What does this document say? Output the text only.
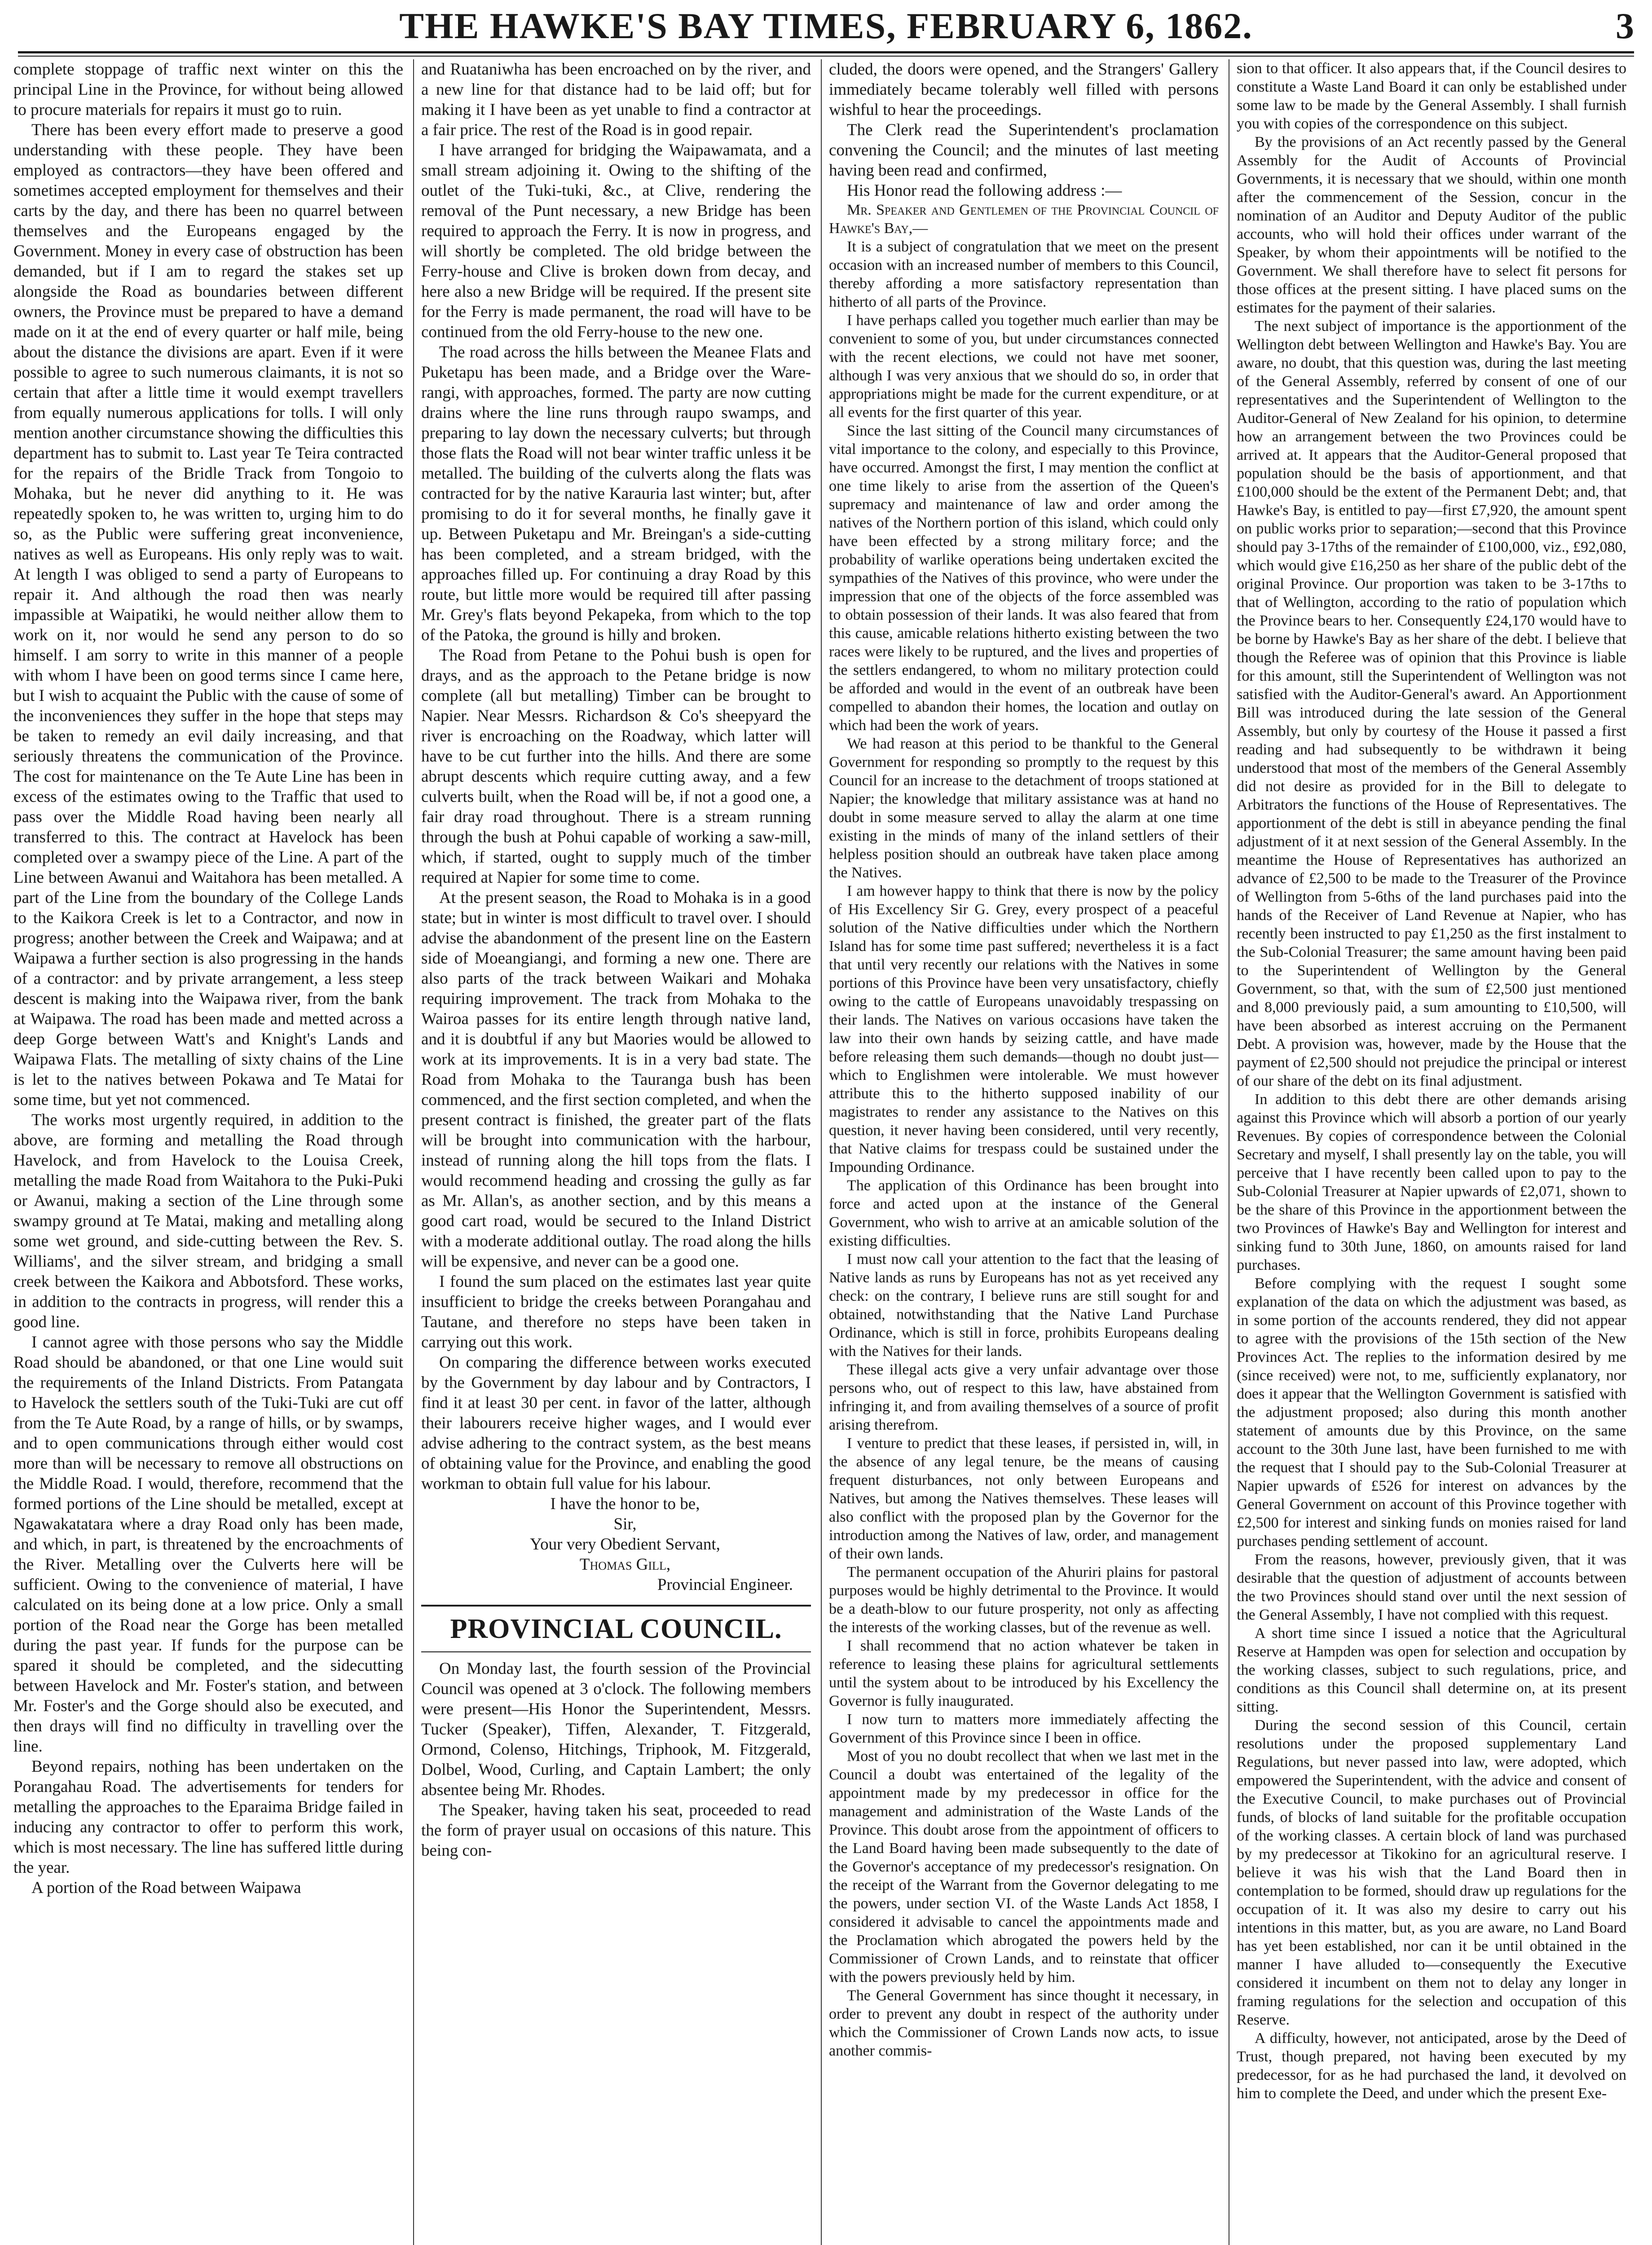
THE HAWKE'S BAY TIMES, FEBRUARY 6, 1862.	3

complete stoppage of traffic next winter on this the principal Line in the Province, for without being allowed to procure materials for repairs it must go to ruin.

There has been every effort made to preserve a good understanding with these people. They have been employed as contractors—they have been offered and sometimes accepted employment for themselves and their carts by the day, and there has been no quarrel between themselves and the Europeans engaged by the Government. Money in every case of obstruction has been demanded, but if I am to regard the stakes set up alongside the Road as boundaries between different owners, the Province must be prepared to have a demand made on it at the end of every quarter or half mile, being about the distance the divisions are apart. Even if it were possible to agree to such numerous claimants, it is not so certain that after a little time it would exempt travellers from equally numerous applications for tolls. I will only mention another circumstance showing the difficulties this department has to submit to. Last year Te Teira contracted for the repairs of the Bridle Track from Tongoio to Mohaka, but he never did anything to it. He was repeatedly spoken to, he was written to, urging him to do so, as the Public were suffering great inconvenience, natives as well as Europeans. His only reply was to wait. At length I was obliged to send a party of Europeans to repair it. And although the road then was nearly impassible at Waipatiki, he would neither allow them to work on it, nor would he send any person to do so himself. I am sorry to write in this manner of a people with whom I have been on good terms since I came here, but I wish to acquaint the Public with the cause of some of the inconveniences they suffer in the hope that steps may be taken to remedy an evil daily increasing, and that seriously threatens the communication of the Province. The cost for maintenance on the Te Aute Line has been in excess of the estimates owing to the Traffic that used to pass over the Middle Road having been nearly all transferred to this. The contract at Havelock has been completed over a swampy piece of the Line. A part of the Line between Awanui and Waitahora has been metalled. A part of the Line from the boundary of the College Lands to the Kaikora Creek is let to a Contractor, and now in progress; another between the Creek and Waipawa; and at Waipawa a further section is also progressing in the hands of a contractor: and by private arrangement, a less steep descent is making into the Waipawa river, from the bank at Waipawa. The road has been made and metted across a deep Gorge between Watt's and Knight's Lands and Waipawa Flats. The metalling of sixty chains of the Line is let to the natives between Pokawa and Te Matai for some time, but yet not commenced.

The works most urgently required, in addition to the above, are forming and metalling the Road through Havelock, and from Havelock to the Louisa Creek, metalling the made Road from Waitahora to the Puki-Puki or Awanui, making a section of the Line through some swampy ground at Te Matai, making and metalling along some wet ground, and side-cutting between the Rev. S. Williams', and the silver stream, and bridging a small creek between the Kaikora and Abbotsford. These works, in addition to the contracts in progress, will render this a good line.

I cannot agree with those persons who say the Middle Road should be abandoned, or that one Line would suit the requirements of the Inland Districts. From Patangata to Havelock the settlers south of the Tuki-Tuki are cut off from the Te Aute Road, by a range of hills, or by swamps, and to open communications through either would cost more than will be necessary to remove all obstructions on the Middle Road. I would, therefore, recommend that the formed portions of the Line should be metalled, except at Ngawakatatara where a dray Road only has been made, and which, in part, is threatened by the encroachments of the River. Metalling over the Culverts here will be sufficient. Owing to the convenience of material, I have calculated on its being done at a low price. Only a small portion of the Road near the Gorge has been metalled during the past year. If funds for the purpose can be spared it should be completed, and the sidecutting between Havelock and Mr. Foster's station, and between Mr. Foster's and the Gorge should also be executed, and then drays will find no difficulty in travelling over the line.

Beyond repairs, nothing has been undertaken on the Porangahau Road. The advertisements for tenders for metalling the approaches to the Eparaima Bridge failed in inducing any contractor to offer to perform this work, which is most necessary. The line has suffered little during the year.

A portion of the Road between Waipawa

and Ruataniwha has been encroached on by the river, and a new line for that distance had to be laid off; but for making it I have been as yet unable to find a contractor at a fair price. The rest of the Road is in good repair.

I have arranged for bridging the Waipawamata, and a small stream adjoining it. Owing to the shifting of the outlet of the Tuki-tuki, &c., at Clive, rendering the removal of the Punt necessary, a new Bridge has been required to approach the Ferry. It is now in progress, and will shortly be completed. The old bridge between the Ferry-house and Clive is broken down from decay, and here also a new Bridge will be required. If the present site for the Ferry is made permanent, the road will have to be continued from the old Ferry-house to the new one.

The road across the hills between the Meanee Flats and Puketapu has been made, and a Bridge over the Ware-rangi, with approaches, formed. The party are now cutting drains where the line runs through raupo swamps, and preparing to lay down the necessary culverts; but through those flats the Road will not bear winter traffic unless it be metalled. The building of the culverts along the flats was contracted for by the native Karauria last winter; but, after promising to do it for several months, he finally gave it up. Between Puketapu and Mr. Breingan's a side-cutting has been completed, and a stream bridged, with the approaches filled up. For continuing a dray Road by this route, but little more would be required till after passing Mr. Grey's flats beyond Pekapeka, from which to the top of the Patoka, the ground is hilly and broken.

The Road from Petane to the Pohui bush is open for drays, and as the approach to the Petane bridge is now complete (all but metalling) Timber can be brought to Napier. Near Messrs. Richardson & Co's sheepyard the river is encroaching on the Roadway, which latter will have to be cut further into the hills. And there are some abrupt descents which require cutting away, and a few culverts built, when the Road will be, if not a good one, a fair dray road throughout. There is a stream running through the bush at Pohui capable of working a saw-mill, which, if started, ought to supply much of the timber required at Napier for some time to come.

At the present season, the Road to Mohaka is in a good state; but in winter is most difficult to travel over. I should advise the abandonment of the present line on the Eastern side of Moeangiangi, and forming a new one. There are also parts of the track between Waikari and Mohaka requiring improvement. The track from Mohaka to the Wairoa passes for its entire length through native land, and it is doubtful if any but Maories would be allowed to work at its improvements. It is in a very bad state. The Road from Mohaka to the Tauranga bush has been commenced, and the first section completed, and when the present contract is finished, the greater part of the flats will be brought into communication with the harbour, instead of running along the hill tops from the flats. I would recommend heading and crossing the gully as far as Mr. Allan's, as another section, and by this means a good cart road, would be secured to the Inland District with a moderate additional outlay. The road along the hills will be expensive, and never can be a good one.

I found the sum placed on the estimates last year quite insufficient to bridge the creeks between Porangahau and Tautane, and therefore no steps have been taken in carrying out this work.

On comparing the difference between works executed by the Government by day labour and by Contractors, I find it at least 30 per cent. in favor of the latter, although their labourers receive higher wages, and I would ever advise adhering to the contract system, as the best means of obtaining value for the Province, and enabling the good workman to obtain full value for his labour.

I have the honor to be,

Sir,

Your very Obedient Servant,

Thomas Gill,

Provincial Engineer.

PROVINCIAL COUNCIL.

On Monday last, the fourth session of the Provincial Council was opened at 3 o'clock. The following members were present—His Honor the Superintendent, Messrs. Tucker (Speaker), Tiffen, Alexander, T. Fitzgerald, Ormond, Colenso, Hitchings, Triphook, M. Fitzgerald, Dolbel, Wood, Curling, and Captain Lambert; the only absentee being Mr. Rhodes.

The Speaker, having taken his seat, proceeded to read the form of prayer usual on occasions of this nature. This being con-

cluded, the doors were opened, and the Strangers' Gallery immediately became tolerably well filled with persons wishful to hear the proceedings.

The Clerk read the Superintendent's proclamation convening the Council; and the minutes of last meeting having been read and confirmed,

His Honor read the following address :—

Mr. Speaker and Gentlemen of the Provincial Council of Hawke's Bay,—

It is a subject of congratulation that we meet on the present occasion with an increased number of members to this Council, thereby affording a more satisfactory representation than hitherto of all parts of the Province.

I have perhaps called you together much earlier than may be convenient to some of you, but under circumstances connected with the recent elections, we could not have met sooner, although I was very anxious that we should do so, in order that appropriations might be made for the current expenditure, or at all events for the first quarter of this year.

Since the last sitting of the Council many circumstances of vital importance to the colony, and especially to this Province, have occurred. Amongst the first, I may mention the conflict at one time likely to arise from the assertion of the Queen's supremacy and maintenance of law and order among the natives of the Northern portion of this island, which could only have been effected by a strong military force; and the probability of warlike operations being undertaken excited the sympathies of the Natives of this province, who were under the impression that one of the objects of the force assembled was to obtain possession of their lands. It was also feared that from this cause, amicable relations hitherto existing between the two races were likely to be ruptured, and the lives and properties of the settlers endangered, to whom no military protection could be afforded and would in the event of an outbreak have been compelled to abandon their homes, the location and outlay on which had been the work of years.

We had reason at this period to be thankful to the General Government for responding so promptly to the request by this Council for an increase to the detachment of troops stationed at Napier; the knowledge that military assistance was at hand no doubt in some measure served to allay the alarm at one time existing in the minds of many of the inland settlers of their helpless position should an outbreak have taken place among the Natives.

I am however happy to think that there is now by the policy of His Excellency Sir G. Grey, every prospect of a peaceful solution of the Native difficulties under which the Northern Island has for some time past suffered; nevertheless it is a fact that until very recently our relations with the Natives in some portions of this Province have been very unsatisfactory, chiefly owing to the cattle of Europeans unavoidably trespassing on their lands. The Natives on various occasions have taken the law into their own hands by seizing cattle, and have made before releasing them such demands—though no doubt just—which to Englishmen were intolerable. We must however attribute this to the hitherto supposed inability of our magistrates to render any assistance to the Natives on this question, it never having been considered, until very recently, that Native claims for trespass could be sustained under the Impounding Ordinance.

The application of this Ordinance has been brought into force and acted upon at the instance of the General Government, who wish to arrive at an amicable solution of the existing difficulties.

I must now call your attention to the fact that the leasing of Native lands as runs by Europeans has not as yet received any check: on the contrary, I believe runs are still sought for and obtained, notwithstanding that the Native Land Purchase Ordinance, which is still in force, prohibits Europeans dealing with the Natives for their lands.

These illegal acts give a very unfair advantage over those persons who, out of respect to this law, have abstained from infringing it, and from availing themselves of a source of profit arising therefrom.

I venture to predict that these leases, if persisted in, will, in the absence of any legal tenure, be the means of causing frequent disturbances, not only between Europeans and Natives, but among the Natives themselves. These leases will also conflict with the proposed plan by the Governor for the introduction among the Natives of law, order, and management of their own lands.

The permanent occupation of the Ahuriri plains for pastoral purposes would be highly detrimental to the Province. It would be a death-blow to our future prosperity, not only as affecting the interests of the working classes, but of the revenue as well.

I shall recommend that no action whatever be taken in reference to leasing these plains for agricultural settlements until the system about to be introduced by his Excellency the Governor is fully inaugurated.

I now turn to matters more immediately affecting the Government of this Province since I been in office.

Most of you no doubt recollect that when we last met in the Council a doubt was entertained of the legality of the appointment made by my predecessor in office for the management and administration of the Waste Lands of the Province. This doubt arose from the appointment of officers to the Land Board having been made subsequently to the date of the Governor's acceptance of my predecessor's resignation. On the receipt of the Warrant from the Governor delegating to me the powers, under section VI. of the Waste Lands Act 1858, I considered it advisable to cancel the appointments made and the Proclamation which abrogated the powers held by the Commissioner of Crown Lands, and to reinstate that officer with the powers previously held by him.

The General Government has since thought it necessary, in order to prevent any doubt in respect of the authority under which the Commissioner of Crown Lands now acts, to issue another commis-

sion to that officer. It also appears that, if the Council desires to constitute a Waste Land Board it can only be established under some law to be made by the General Assembly. I shall furnish you with copies of the correspondence on this subject.

By the provisions of an Act recently passed by the General Assembly for the Audit of Accounts of Provincial Governments, it is necessary that we should, within one month after the commencement of the Session, concur in the nomination of an Auditor and Deputy Auditor of the public accounts, who will hold their offices under warrant of the Speaker, by whom their appointments will be notified to the Government. We shall therefore have to select fit persons for those offices at the present sitting. I have placed sums on the estimates for the payment of their salaries.

The next subject of importance is the apportionment of the Wellington debt between Wellington and Hawke's Bay. You are aware, no doubt, that this question was, during the last meeting of the General Assembly, referred by consent of one of our representatives and the Superintendent of Wellington to the Auditor-General of New Zealand for his opinion, to determine how an arrangement between the two Provinces could be arrived at. It appears that the Auditor-General proposed that population should be the basis of apportionment, and that £100,000 should be the extent of the Permanent Debt; and, that Hawke's Bay, is entitled to pay—first £7,920, the amount spent on public works prior to separation;—second that this Province should pay 3-17ths of the remainder of £100,000, viz., £92,080, which would give £16,250 as her share of the public debt of the original Province. Our proportion was taken to be 3-17ths to that of Wellington, according to the ratio of population which the Province bears to her. Consequently £24,170 would have to be borne by Hawke's Bay as her share of the debt. I believe that though the Referee was of opinion that this Province is liable for this amount, still the Superintendent of Wellington was not satisfied with the Auditor-General's award. An Apportionment Bill was introduced during the late session of the General Assembly, but only by courtesy of the House it passed a first reading and had subsequently to be withdrawn it being understood that most of the members of the General Assembly did not desire as provided for in the Bill to delegate to Arbitrators the functions of the House of Representatives. The apportionment of the debt is still in abeyance pending the final adjustment of it at next session of the General Assembly. In the meantime the House of Representatives has authorized an advance of £2,500 to be made to the Treasurer of the Province of Wellington from 5-6ths of the land purchases paid into the hands of the Receiver of Land Revenue at Napier, who has recently been instructed to pay £1,250 as the first instalment to the Sub-Colonial Treasurer; the same amount having been paid to the Superintendent of Wellington by the General Government, so that, with the sum of £2,500 just mentioned and 8,000 previously paid, a sum amounting to £10,500, will have been absorbed as interest accruing on the Permanent Debt. A provision was, however, made by the House that the payment of £2,500 should not prejudice the principal or interest of our share of the debt on its final adjustment.

In addition to this debt there are other demands arising against this Province which will absorb a portion of our yearly Revenues. By copies of correspondence between the Colonial Secretary and myself, I shall presently lay on the table, you will perceive that I have recently been called upon to pay to the Sub-Colonial Treasurer at Napier upwards of £2,071, shown to be the share of this Province in the apportionment between the two Provinces of Hawke's Bay and Wellington for interest and sinking fund to 30th June, 1860, on amounts raised for land purchases.

Before complying with the request I sought some explanation of the data on which the adjustment was based, as in some portion of the accounts rendered, they did not appear to agree with the provisions of the 15th section of the New Provinces Act. The replies to the information desired by me (since received) were not, to me, sufficiently explanatory, nor does it appear that the Wellington Government is satisfied with the adjustment proposed; also during this month another statement of amounts due by this Province, on the same account to the 30th June last, have been furnished to me with the request that I should pay to the Sub-Colonial Treasurer at Napier upwards of £526 for interest on advances by the General Government on account of this Province together with £2,500 for interest and sinking funds on monies raised for land purchases pending settlement of account.

From the reasons, however, previously given, that it was desirable that the question of adjustment of accounts between the two Provinces should stand over until the next session of the General Assembly, I have not complied with this request.

A short time since I issued a notice that the Agricultural Reserve at Hampden was open for selection and occupation by the working classes, subject to such regulations, price, and conditions as this Council shall determine on, at its present sitting.

During the second session of this Council, certain resolutions under the proposed supplementary Land Regulations, but never passed into law, were adopted, which empowered the Superintendent, with the advice and consent of the Executive Council, to make purchases out of Provincial funds, of blocks of land suitable for the profitable occupation of the working classes. A certain block of land was purchased by my predecessor at Tikokino for an agricultural reserve. I believe it was his wish that the Land Board then in contemplation to be formed, should draw up regulations for the occupation of it. It was also my desire to carry out his intentions in this matter, but, as you are aware, no Land Board has yet been established, nor can it be until obtained in the manner I have alluded to—consequently the Executive considered it incumbent on them not to delay any longer in framing regulations for the selection and occupation of this Reserve.

A difficulty, however, not anticipated, arose by the Deed of Trust, though prepared, not having been executed by my predecessor, for as he had purchased the land, it devolved on him to complete the Deed, and under which the present Exe-
